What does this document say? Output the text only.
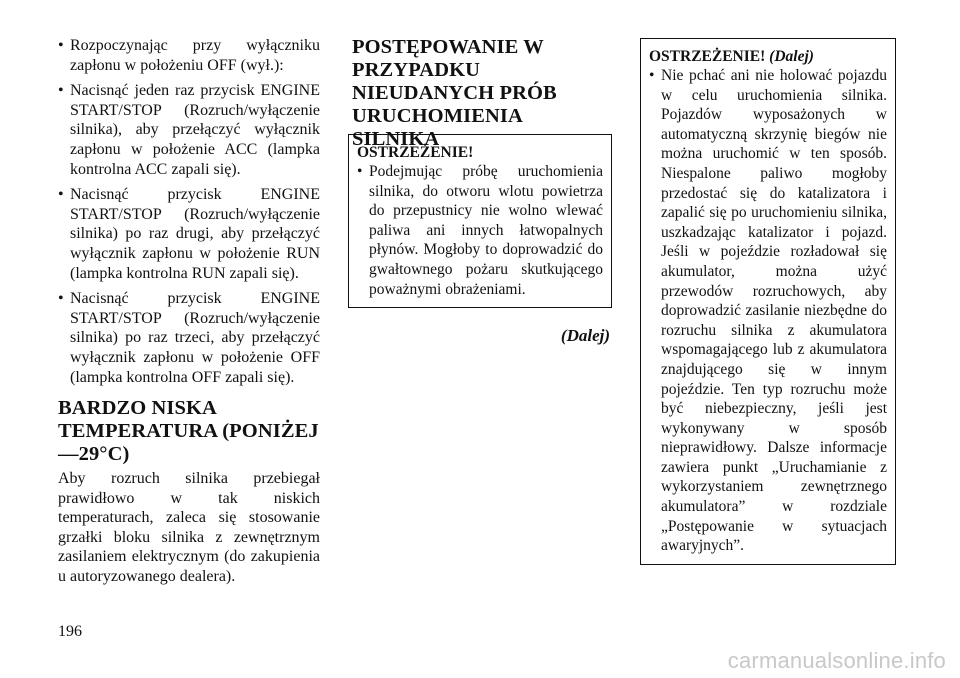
• Rozpoczynając przy wyłączniku zapłonu w położeniu OFF (wył.):
• Nacisnąć jeden raz przycisk ENGINE START/STOP (Rozruch/wyłączenie silnika), aby przełączyć wyłącznik zapłonu w położenie ACC (lampka kontrolna ACC zapali się).
• Nacisnąć przycisk ENGINE START/STOP (Rozruch/wyłączenie silnika) po raz drugi, aby przełączyć wyłącznik zapłonu w położenie RUN (lampka kontrolna RUN zapali się).
• Nacisnąć przycisk ENGINE START/STOP (Rozruch/wyłączenie silnika) po raz trzeci, aby przełączyć wyłącznik zapłonu w położenie OFF (lampka kontrolna OFF zapali się).
BARDZO NISKA TEMPERATURA (PONIŻEJ —29°C)

Aby rozruch silnika przebiegał prawidłowo w tak niskich temperaturach, zaleca się stosowanie grzałki bloku silnika z zewnętrznym zasilaniem elektrycznym (do zakupienia u autoryzowanego dealera).

POSTĘPOWANIE W PRZYPADKU NIEUDANYCH PRÓB URUCHOMIENIA SILNIKA
OSTRZEŻENIE!
• Podejmując próbę uruchomienia silnika, do otworu wlotu powietrza do przepustnicy nie wolno wlewać paliwa ani innych łatwopalnych płynów. Mogłoby to doprowadzić do gwałtownego pożaru skutkującego poważnymi obrażeniami.
(Dalej)
OSTRZEŻENIE! (Dalej)
• Nie pchać ani nie holować pojazdu w celu uruchomienia silnika. Pojazdów wyposażonych w automatyczną skrzynię biegów nie można uruchomić w ten sposób. Niespalone paliwo mogłoby przedostać się do katalizatora i zapalić się po uruchomieniu silnika, uszkadzając katalizator i pojazd. Jeśli w pojeździe rozładował się akumulator, można użyć przewodów rozruchowych, aby doprowadzić zasilanie niezbędne do rozruchu silnika z akumulatora wspomagającego lub z akumulatora znajdującego się w innym pojeździe. Ten typ rozruchu może być niebezpieczny, jeśli jest wykonywany w sposób nieprawidłowy. Dalsze informacje zawiera punkt „Uruchamianie z wykorzystaniem zewnętrznego akumulatora” w rozdziale „Postępowanie w sytuacjach awaryjnych”.
196
carmanualsonline.info
